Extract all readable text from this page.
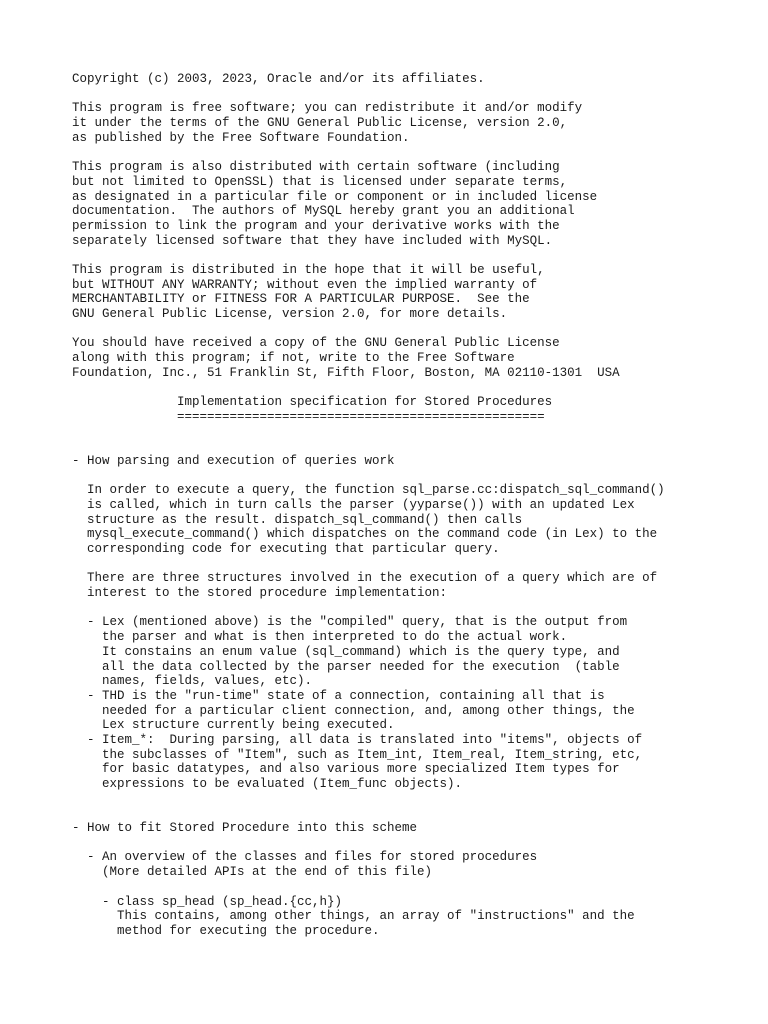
Copyright (c) 2003, 2023, Oracle and/or its affiliates.
This program is free software; you can redistribute it and/or modify
it under the terms of the GNU General Public License, version 2.0,
as published by the Free Software Foundation.
This program is also distributed with certain software (including
but not limited to OpenSSL) that is licensed under separate terms,
as designated in a particular file or component or in included license
documentation.  The authors of MySQL hereby grant you an additional
permission to link the program and your derivative works with the
separately licensed software that they have included with MySQL.
This program is distributed in the hope that it will be useful,
but WITHOUT ANY WARRANTY; without even the implied warranty of
MERCHANTABILITY or FITNESS FOR A PARTICULAR PURPOSE.  See the
GNU General Public License, version 2.0, for more details.
You should have received a copy of the GNU General Public License
along with this program; if not, write to the Free Software
Foundation, Inc., 51 Franklin St, Fifth Floor, Boston, MA 02110-1301  USA
Implementation specification for Stored Procedures
=================================================
- How parsing and execution of queries work
In order to execute a query, the function sql_parse.cc:dispatch_sql_command()
is called, which in turn calls the parser (yyparse()) with an updated Lex
structure as the result. dispatch_sql_command() then calls
mysql_execute_command() which dispatches on the command code (in Lex) to the
corresponding code for executing that particular query.
There are three structures involved in the execution of a query which are of
interest to the stored procedure implementation:
- Lex (mentioned above) is the "compiled" query, that is the output from
the parser and what is then interpreted to do the actual work.
It constains an enum value (sql_command) which is the query type, and
all the data collected by the parser needed for the execution  (table
names, fields, values, etc).
- THD is the "run-time" state of a connection, containing all that is
needed for a particular client connection, and, among other things, the
Lex structure currently being executed.
- Item_*:  During parsing, all data is translated into "items", objects of
the subclasses of "Item", such as Item_int, Item_real, Item_string, etc,
for basic datatypes, and also various more specialized Item types for
expressions to be evaluated (Item_func objects).
- How to fit Stored Procedure into this scheme
- An overview of the classes and files for stored procedures
(More detailed APIs at the end of this file)
- class sp_head (sp_head.{cc,h})
This contains, among other things, an array of "instructions" and the
method for executing the procedure.
